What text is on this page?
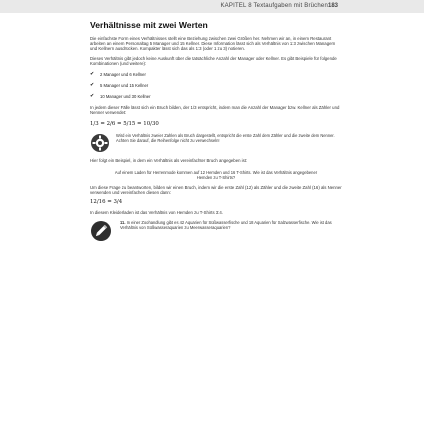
KAPITEL 8 Textaufgaben mit Brüchen 183
Verhältnisse mit zwei Werten

Die einfachste Form eines Verhältnisses stellt eine Beziehung zwischen zwei Größen her. Nehmen wir an, in einem Restaurant arbeiten an einem Personaltag 5 Manager und 15 Kellner. Diese Information lässt sich als Verhältnis von 1:3 zwischen Managern und Kellnern ausdrücken. Kompakter lässt sich das als 1:3 (oder 1 zu 3) notieren.

Dieses Verhältnis gibt jedoch keine Auskunft über die tatsächliche Anzahl der Manager oder Kellner. Es gibt Beispiele für folgende Kombinationen (und weitere):

✔	2 Manager und 6 Kellner
✔	5 Manager und 15 Kellner
✔	10 Manager und 30 Kellner

In jedem dieser Fälle lässt sich ein Bruch bilden, der 1/3 entspricht, indem man die Anzahl der Manager bzw. Kellner als Zähler und Nenner verwendet:

1/3 = 2/6 = 5/15 = 10/30
Wird ein Verhältnis zweier Zahlen als Bruch dargestellt, entspricht die erste Zahl dem Zähler und die zweite dem Nenner. Achten Sie darauf, die Reihenfolge nicht zu verwechseln!

Hier folgt ein Beispiel, in dem ein Verhältnis als vereinfachter Bruch angegeben ist:

Auf einem Laden für Herrenmode kommen auf 12 Hemden und 16 T-Shirts. Wie ist das Verhältnis angegebener Hemden zu T-Shirts?

Um diese Frage zu beantworten, bilden wir einen Bruch, indem wir die erste Zahl (12) als Zähler und die zweite Zahl (16) als Nenner verwenden und vereinfachen diesen dann:

12/16 = 3/4

In diesem Kleiderladen ist das Verhältnis von Hemden zu T-Shirts 3:4.

11. In einer Zoohandlung gibt es 42 Aquarien für Süßwasserfische und 18 Aquarien für Salzwasserfische. Wie ist das Verhältnis von Süßwasseraquarien zu Meerwasseraquarien?
